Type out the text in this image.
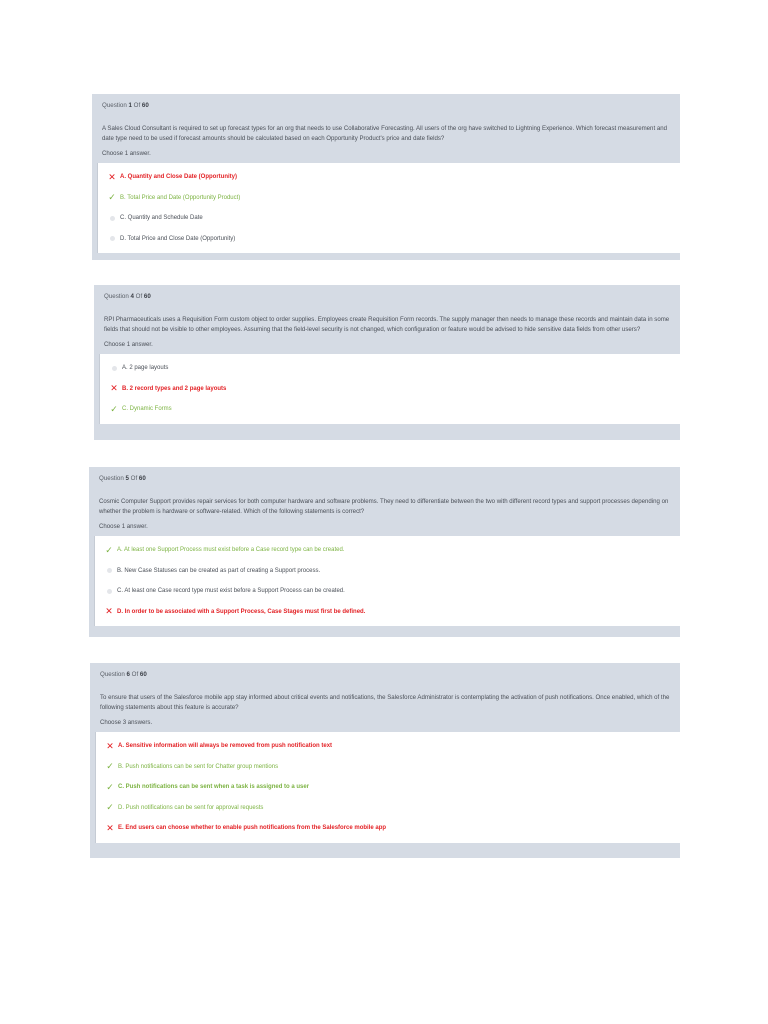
Question 1 Of 60
A Sales Cloud Consultant is required to set up forecast types for an org that needs to use Collaborative Forecasting. All users of the org have switched to Lightning Experience. Which forecast measurement and date type need to be used if forecast amounts should be calculated based on each Opportunity Product's price and date fields?
Choose 1 answer.
✕ A. Quantity and Close Date (Opportunity)
✓ B. Total Price and Date (Opportunity Product)
C. Quantity and Schedule Date
D. Total Price and Close Date (Opportunity)
Question 4 Of 60
RPI Pharmaceuticals uses a Requisition Form custom object to order supplies. Employees create Requisition Form records. The supply manager then needs to manage these records and maintain data in some fields that should not be visible to other employees. Assuming that the field-level security is not changed, which configuration or feature would be advised to hide sensitive data fields from other users?
Choose 1 answer.
A. 2 page layouts
✕ B. 2 record types and 2 page layouts
✓ C. Dynamic Forms
Question 5 Of 60
Cosmic Computer Support provides repair services for both computer hardware and software problems. They need to differentiate between the two with different record types and support processes depending on whether the problem is hardware or software-related. Which of the following statements is correct?
Choose 1 answer.
✓ A. At least one Support Process must exist before a Case record type can be created.
B. New Case Statuses can be created as part of creating a Support process.
C. At least one Case record type must exist before a Support Process can be created.
✕ D. In order to be associated with a Support Process, Case Stages must first be defined.
Question 6 Of 60
To ensure that users of the Salesforce mobile app stay informed about critical events and notifications, the Salesforce Administrator is contemplating the activation of push notifications. Once enabled, which of the following statements about this feature is accurate?
Choose 3 answers.
✕ A. Sensitive information will always be removed from push notification text
✓ B. Push notifications can be sent for Chatter group mentions
✓ C. Push notifications can be sent when a task is assigned to a user
✓ D. Push notifications can be sent for approval requests
✕ E. End users can choose whether to enable push notifications from the Salesforce mobile app
